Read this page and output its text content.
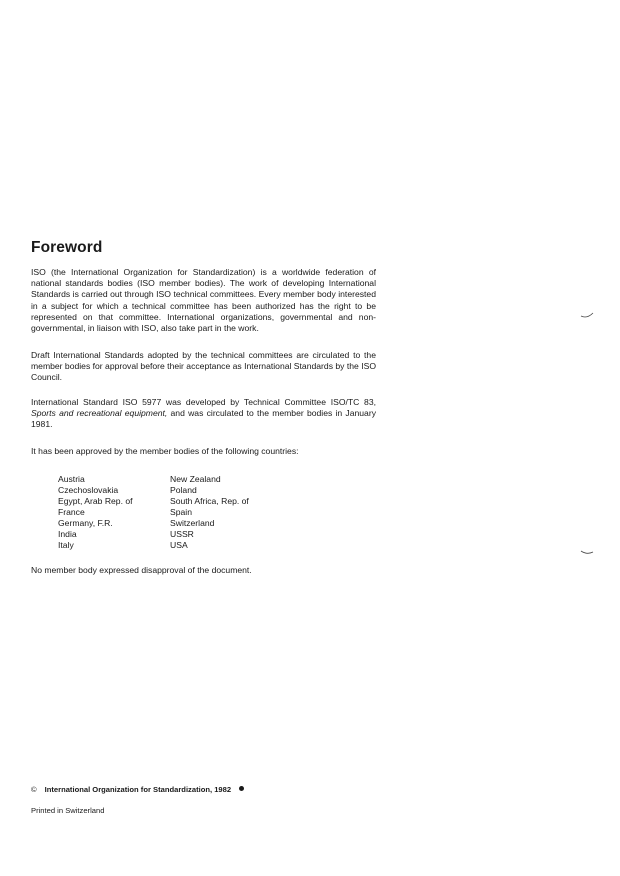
Foreword

ISO (the International Organization for Standardization) is a worldwide federation of national standards bodies (ISO member bodies). The work of developing International Standards is carried out through ISO technical committees. Every member body interested in a subject for which a technical committee has been authorized has the right to be represented on that committee. International organizations, governmental and non-governmental, in liaison with ISO, also take part in the work.

Draft International Standards adopted by the technical committees are circulated to the member bodies for approval before their acceptance as International Standards by the ISO Council.

International Standard ISO 5977 was developed by Technical Committee ISO/TC 83, Sports and recreational equipment, and was circulated to the member bodies in January 1981.

It has been approved by the member bodies of the following countries:

Austria
Czechoslovakia
Egypt, Arab Rep. of
France
Germany, F.R.
India
Italy
New Zealand
Poland
South Africa, Rep. of
Spain
Switzerland
USSR
USA

No member body expressed disapproval of the document.

© International Organization for Standardization, 1982
Printed in Switzerland
